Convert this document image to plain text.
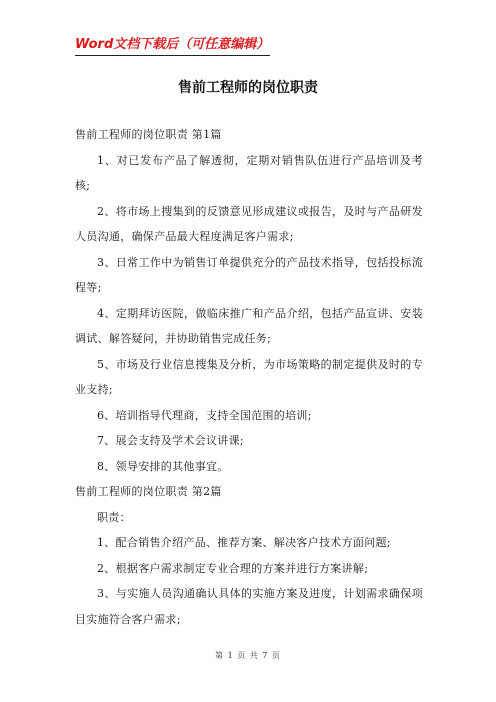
Word文档下载后（可任意编辑）
售前工程师的岗位职责

售前工程师的岗位职责 第1篇

1、对已发布产品了解透彻，定期对销售队伍进行产品培训及考核;

2、将市场上搜集到的反馈意见形成建议或报告，及时与产品研发人员沟通，确保产品最大程度满足客户需求;

3、日常工作中为销售订单提供充分的产品技术指导，包括投标流程等;

4、定期拜访医院，做临床推广和产品介绍，包括产品宣讲、安装调试、解答疑问，并协助销售完成任务;

5、市场及行业信息搜集及分析，为市场策略的制定提供及时的专业支持;

6、培训指导代理商，支持全国范围的培训;

7、展会支持及学术会议讲课;

8、领导安排的其他事宜。

售前工程师的岗位职责 第2篇

职责：

1、配合销售介绍产品、推荐方案、解决客户技术方面问题;

2、根据客户需求制定专业合理的方案并进行方案讲解;

3、与实施人员沟通确认具体的实施方案及进度，计划需求确保项目实施符合客户需求;

第 1 页 共 7 页
